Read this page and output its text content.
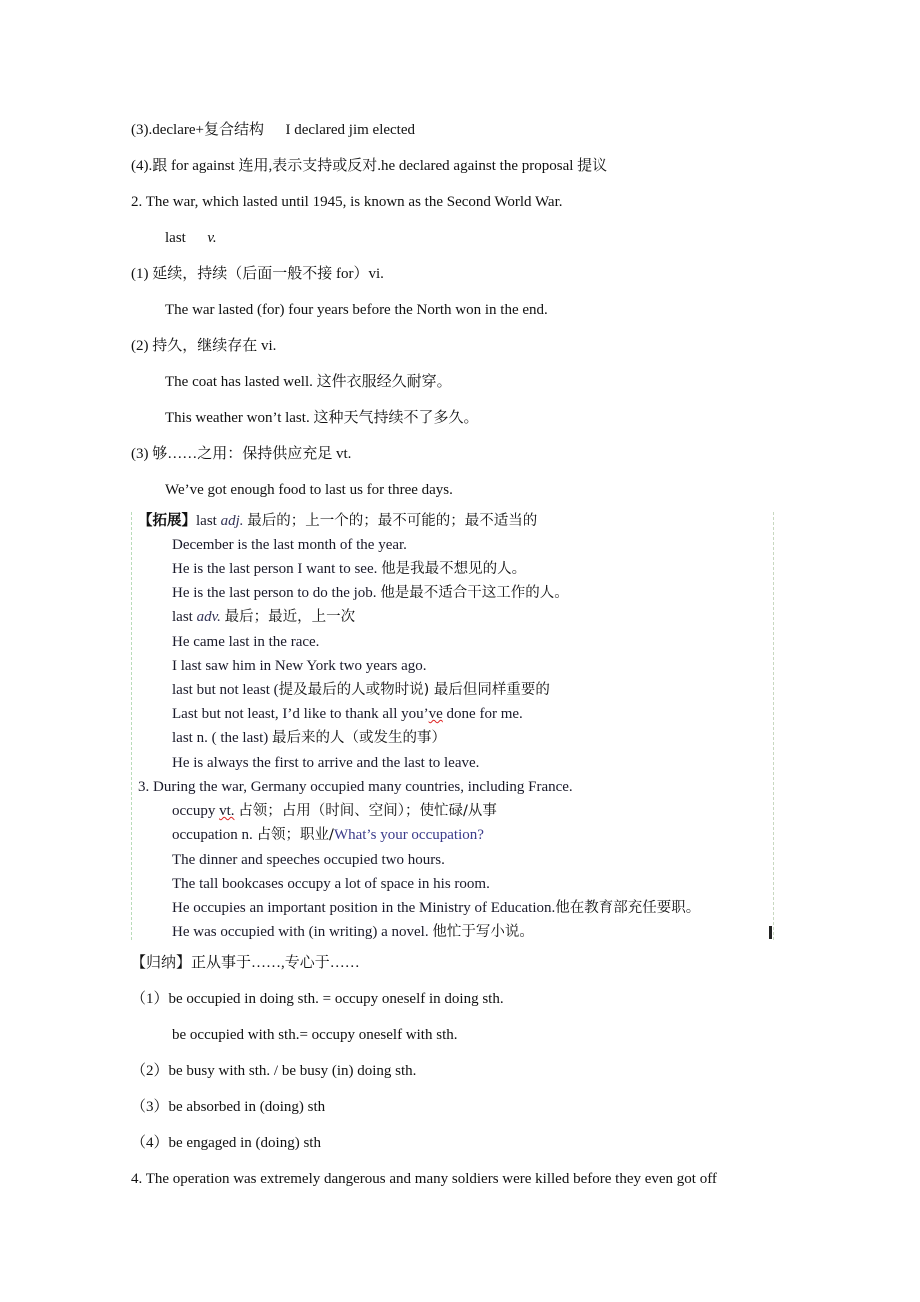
(3).declare+复合结构 I declared jim elected
(4).跟 for against 连用,表示支持或反对.he declared against the proposal 提议
2. The war, which lasted until 1945, is known as the Second World War.
last v.
(1) 延续，持续（后面一般不接 for）vi.
The war lasted (for) four years before the North won in the end.
(2) 持久，继续存在 vi.
The coat has lasted well. 这件衣服经久耐穿。
This weather won’t last. 这种天气持续不了多久。
(3) 够……之用：保持供应充足 vt.
We’ve got enough food to last us for three days.
【拓展】last adj. 最后的；上一个的；最不可能的；最不适当的
December is the last month of the year.
He is the last person I want to see. 他是我最不想见的人。
He is the last person to do the job. 他是最不适合干这工作的人。
last adv. 最后；最近，上一次
He came last in the race.
I last saw him in New York two years ago.
last but not least (提及最后的人或物时说) 最后但同样重要的
Last but not least, I’d like to thank all you’ve done for me.
last n. ( the last) 最后来的人（或发生的事）
He is always the first to arrive and the last to leave.
3. During the war, Germany occupied many countries, including France.
occupy vt. 占领；占用（时间、空间）；使忙碌/从事
occupation n. 占领；职业/What’s your occupation?
The dinner and speeches occupied two hours.
The tall bookcases occupy a lot of space in his room.
He occupies an important position in the Ministry of Education.他在教育部充任要职。
He was occupied with (in writing) a novel. 他忙于写小说。
【归纳】正从事于……,专心于……
（1）be occupied in doing sth. = occupy oneself in doing sth.
be occupied with sth.= occupy oneself with sth.
（2）be busy with sth. / be busy (in) doing sth.
（3）be absorbed in (doing) sth
（4）be engaged in (doing) sth
4. The operation was extremely dangerous and many soldiers were killed before they even got off
